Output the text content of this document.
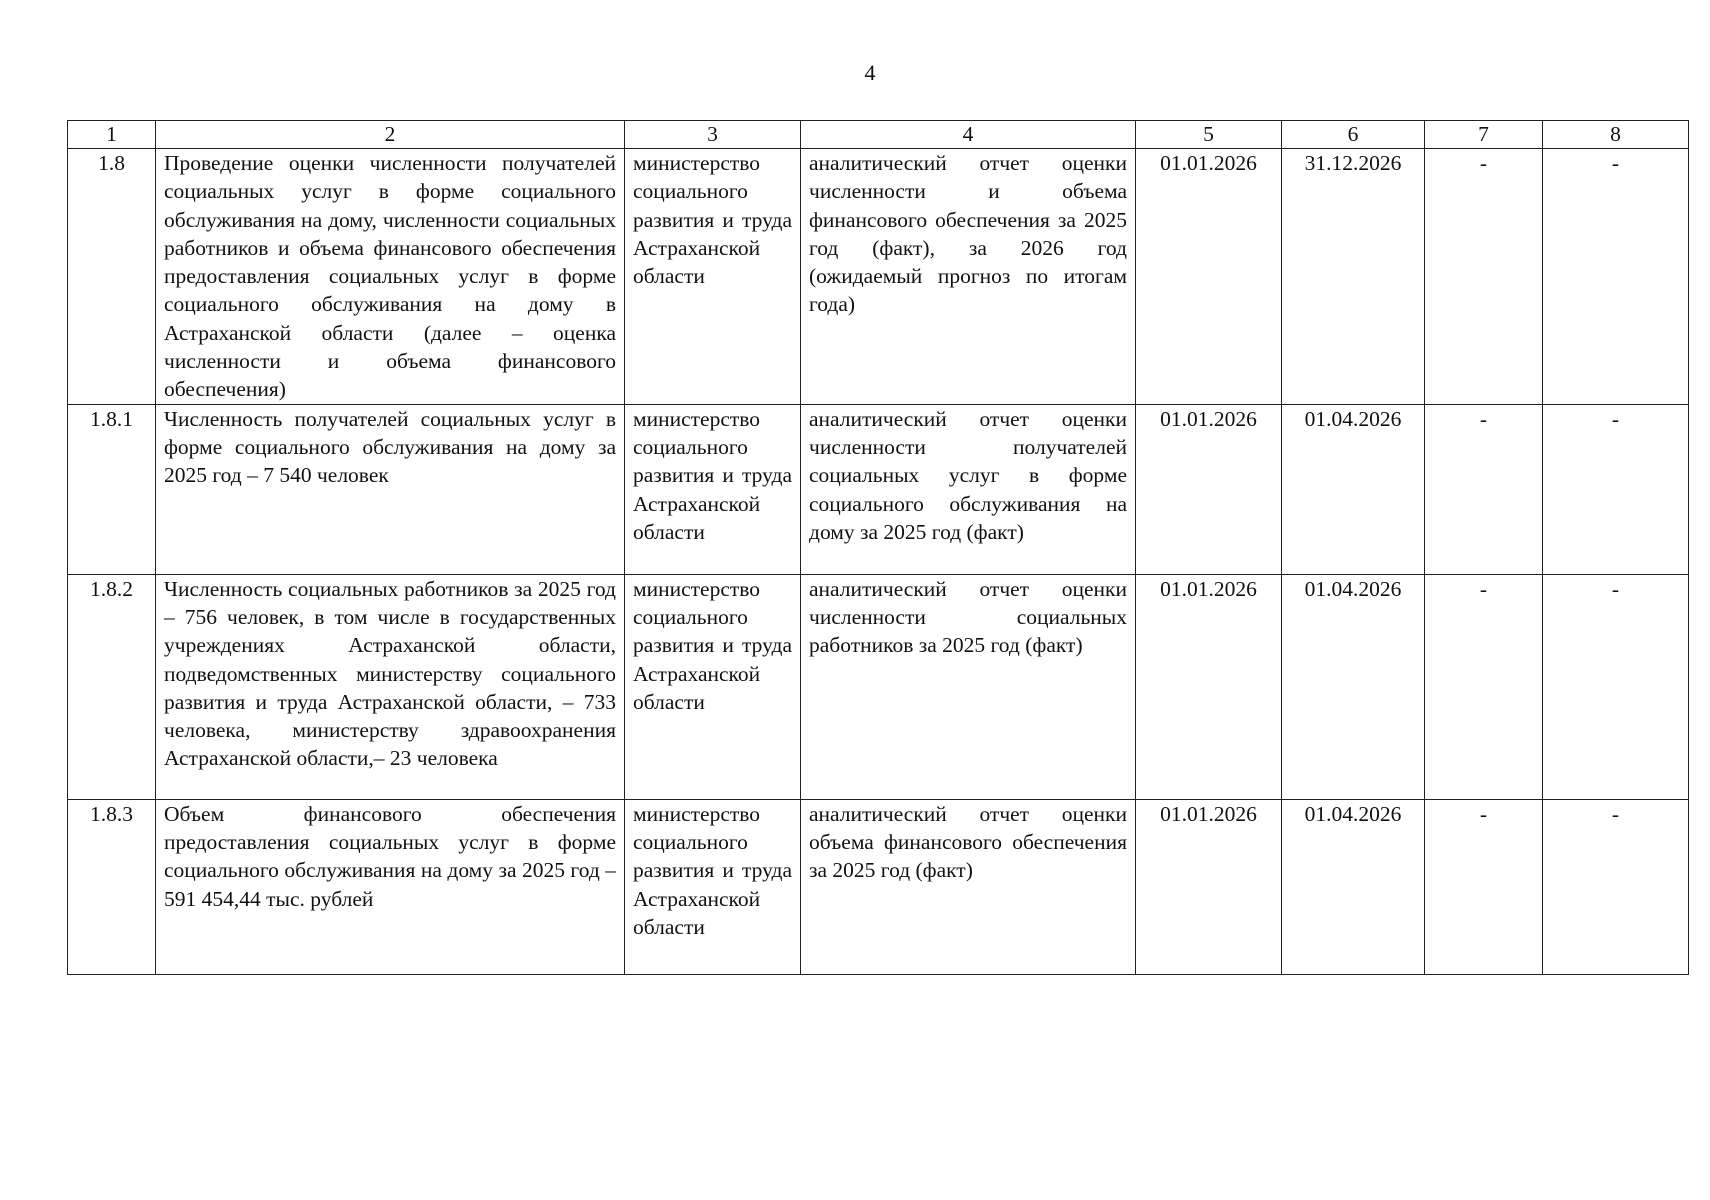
4
1	2	3	4	5	6	7	8
1.8	Проведение оценки численности получателей социальных услуг в форме социального обслуживания на дому, численности социальных работников и объема финансового обеспечения предоставления социальных услуг в форме социального обслуживания на дому в Астраханской области (далее – оценка численности и объема финансового обеспечения)	министерство социального развития и труда Астраханской области	аналитический отчет оценки численности и объема финансового обеспечения за 2025 год (факт), за 2026 год (ожидаемый прогноз по итогам года)	01.01.2026	31.12.2026	-	-
1.8.1	Численность получателей социальных услуг в форме социального обслуживания на дому за 2025 год – 7 540 человек	министерство социального развития и труда Астраханской области	аналитический отчет оценки численности получателей социальных услуг в форме социального обслуживания на дому за 2025 год (факт)	01.01.2026	01.04.2026	-	-
1.8.2	Численность социальных работников за 2025 год – 756 человек, в том числе в государственных учреждениях Астраханской области, подведомственных министерству социального развития и труда Астраханской области, – 733 человека, министерству здравоохранения Астраханской области,– 23 человека	министерство социального развития и труда Астраханской области	аналитический отчет оценки численности социальных работников за 2025 год (факт)	01.01.2026	01.04.2026	-	-
1.8.3	Объем финансового обеспечения предоставления социальных услуг в форме социального обслуживания на дому за 2025 год – 591 454,44 тыс. рублей	министерство социального развития и труда Астраханской области	аналитический отчет оценки объема финансового обеспечения за 2025 год (факт)	01.01.2026	01.04.2026	-	-
